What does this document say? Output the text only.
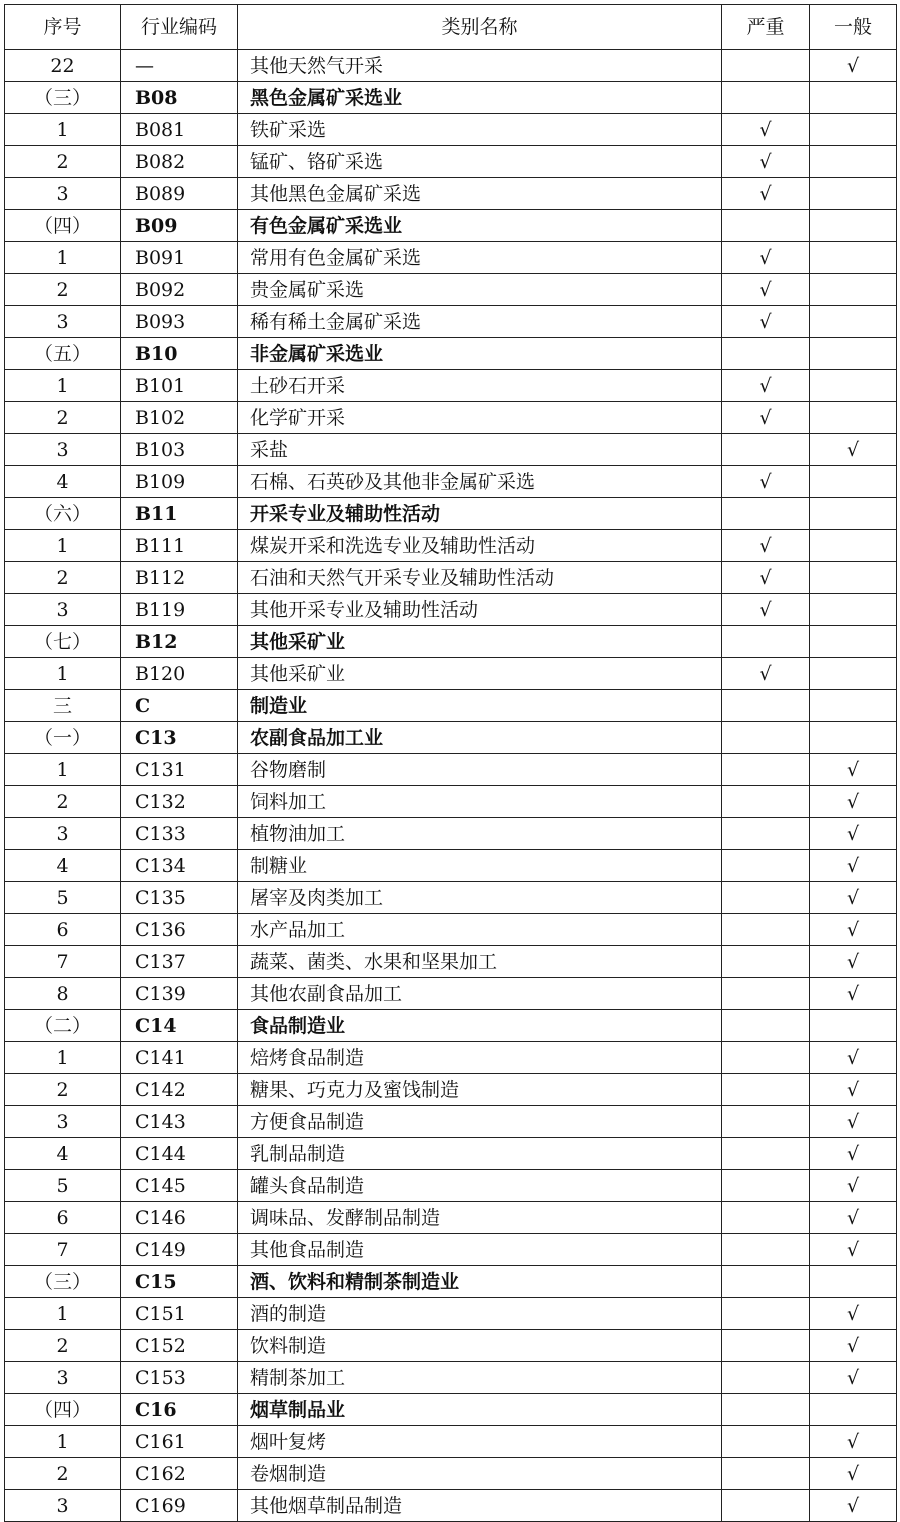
序号	行业编码	类别名称	严重	一般
22	—	其他天然气开采		√
（三）	B08	黑色金属矿采选业		
1	B081	铁矿采选	√	
2	B082	锰矿、铬矿采选	√	
3	B089	其他黑色金属矿采选	√	
（四）	B09	有色金属矿采选业		
1	B091	常用有色金属矿采选	√	
2	B092	贵金属矿采选	√	
3	B093	稀有稀土金属矿采选	√	
（五）	B10	非金属矿采选业		
1	B101	土砂石开采	√	
2	B102	化学矿开采	√	
3	B103	采盐		√
4	B109	石棉、石英砂及其他非金属矿采选	√	
（六）	B11	开采专业及辅助性活动		
1	B111	煤炭开采和洗选专业及辅助性活动	√	
2	B112	石油和天然气开采专业及辅助性活动	√	
3	B119	其他开采专业及辅助性活动	√	
（七）	B12	其他采矿业		
1	B120	其他采矿业	√	
三	C	制造业		
（一）	C13	农副食品加工业		
1	C131	谷物磨制		√
2	C132	饲料加工		√
3	C133	植物油加工		√
4	C134	制糖业		√
5	C135	屠宰及肉类加工		√
6	C136	水产品加工		√
7	C137	蔬菜、菌类、水果和坚果加工		√
8	C139	其他农副食品加工		√
（二）	C14	食品制造业		
1	C141	焙烤食品制造		√
2	C142	糖果、巧克力及蜜饯制造		√
3	C143	方便食品制造		√
4	C144	乳制品制造		√
5	C145	罐头食品制造		√
6	C146	调味品、发酵制品制造		√
7	C149	其他食品制造		√
（三）	C15	酒、饮料和精制茶制造业		
1	C151	酒的制造		√
2	C152	饮料制造		√
3	C153	精制茶加工		√
（四）	C16	烟草制品业		
1	C161	烟叶复烤		√
2	C162	卷烟制造		√
3	C169	其他烟草制品制造		√
